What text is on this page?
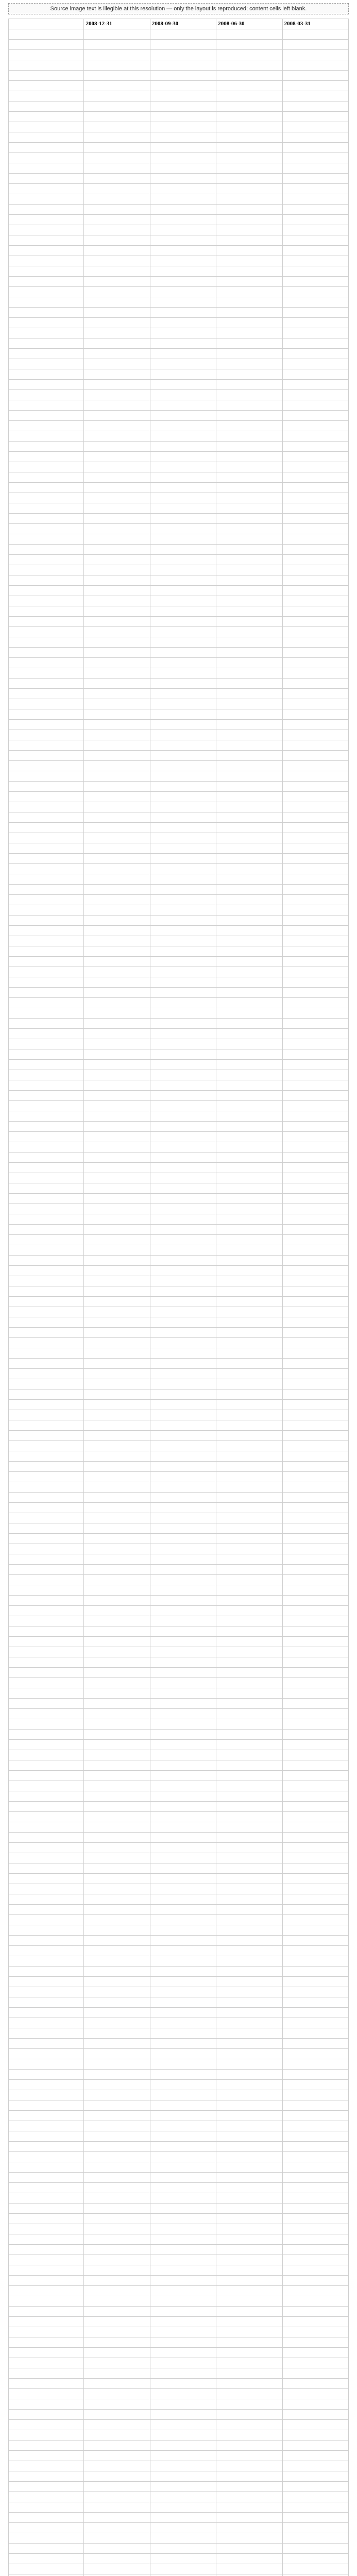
Source image text is illegible at this resolution — only the layout is reproduced; content cells left blank.
	2008-12-31	2008-09-30	2008-06-30	2008-03-31
